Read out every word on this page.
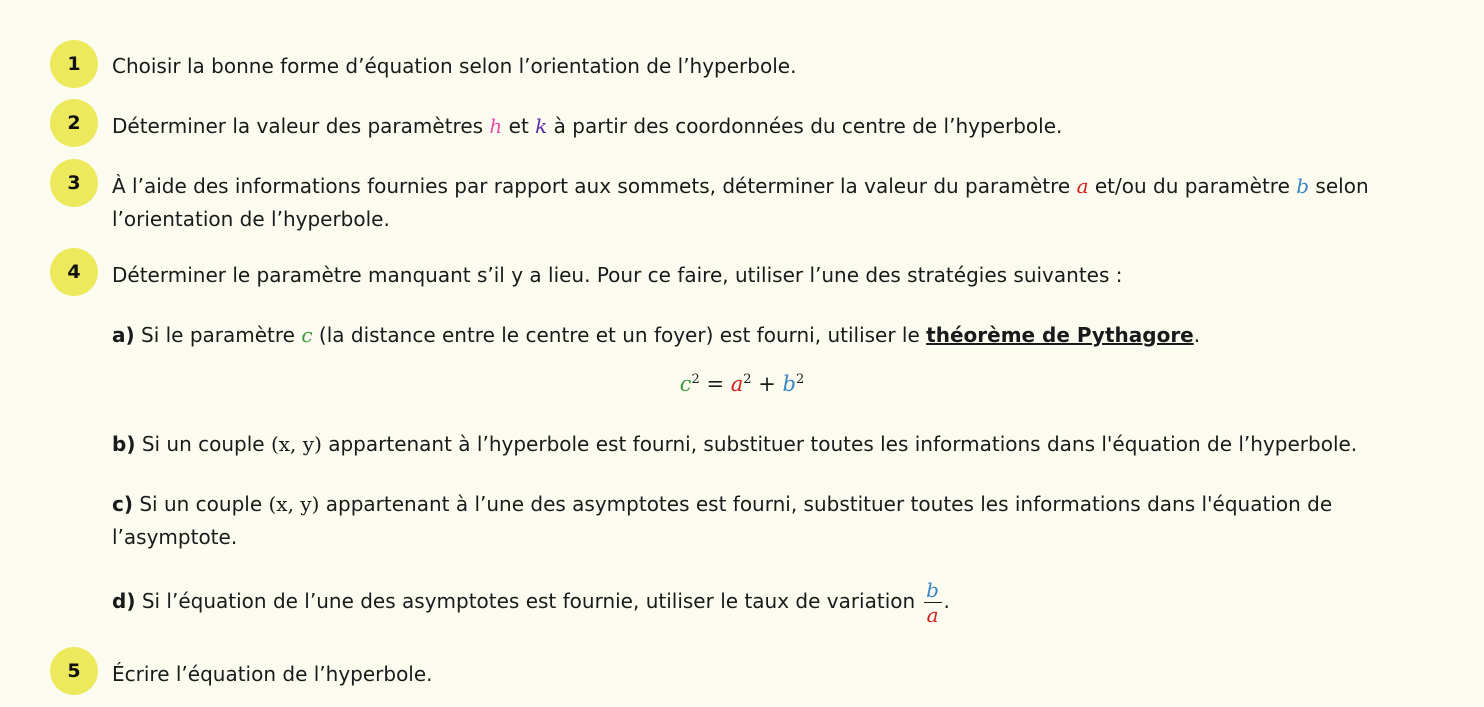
1	Choisir la bonne forme d’équation selon l’orientation de l’hyperbole.
2	Déterminer la valeur des paramètres h et k à partir des coordonnées du centre de l’hyperbole.
3	À l’aide des informations fournies par rapport aux sommets, déterminer la valeur du paramètre a et/ou du paramètre b selon
l’orientation de l’hyperbole.
4	Déterminer le paramètre manquant s’il y a lieu. Pour ce faire, utiliser l’une des stratégies suivantes :
a) Si le paramètre c (la distance entre le centre et un foyer) est fourni, utiliser le théorème de Pythagore.
$c^2 = a^2 + b^2$
b) Si un couple (x, y) appartenant à l’hyperbole est fourni, substituer toutes les informations dans l'équation de l’hyperbole.
c) Si un couple (x, y) appartenant à l’une des asymptotes est fourni, substituer toutes les informations dans l'équation de
l’asymptote.
d) Si l’équation de l’une des asymptotes est fournie, utiliser le taux de variation $\frac{b}{a}$ .
5	Écrire l’équation de l’hyperbole.
